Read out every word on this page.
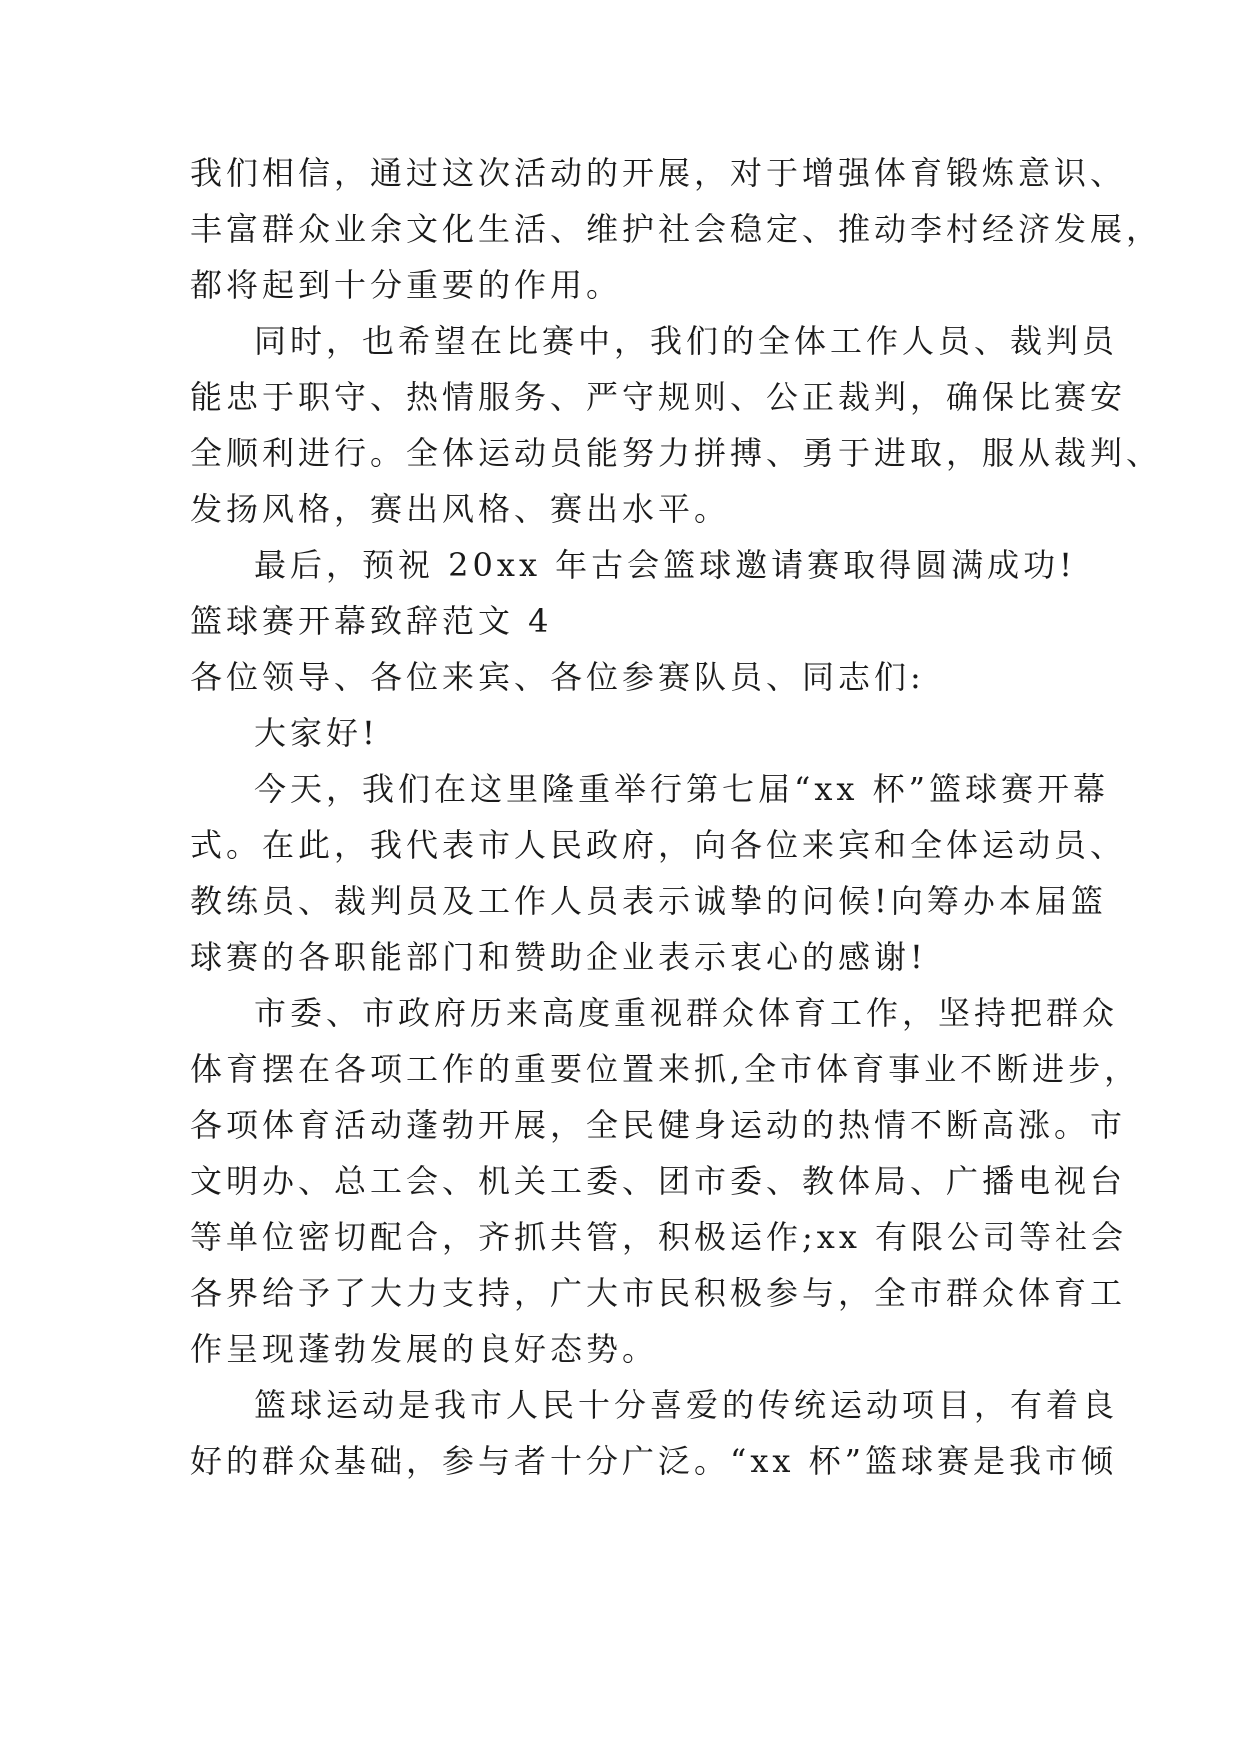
我们相信，通过这次活动的开展，对于增强体育锻炼意识、
丰富群众业余文化生活、维护社会稳定、推动李村经济发展，
都将起到十分重要的作用。
同时，也希望在比赛中，我们的全体工作人员、裁判员
能忠于职守、热情服务、严守规则、公正裁判，确保比赛安
全顺利进行。全体运动员能努力拼搏、勇于进取，服从裁判、
发扬风格，赛出风格、赛出水平。
最后，预祝 20xx 年古会篮球邀请赛取得圆满成功!
篮球赛开幕致辞范文 4
各位领导、各位来宾、各位参赛队员、同志们:
大家好!
今天，我们在这里隆重举行第七届“xx 杯”篮球赛开幕
式。在此，我代表市人民政府，向各位来宾和全体运动员、
教练员、裁判员及工作人员表示诚挚的问候!向筹办本届篮
球赛的各职能部门和赞助企业表示衷心的感谢!
市委、市政府历来高度重视群众体育工作，坚持把群众
体育摆在各项工作的重要位置来抓,全市体育事业不断进步，
各项体育活动蓬勃开展，全民健身运动的热情不断高涨。市
文明办、总工会、机关工委、团市委、教体局、广播电视台
等单位密切配合，齐抓共管，积极运作;xx 有限公司等社会
各界给予了大力支持，广大市民积极参与，全市群众体育工
作呈现蓬勃发展的良好态势。
篮球运动是我市人民十分喜爱的传统运动项目，有着良
好的群众基础，参与者十分广泛。“xx 杯”篮球赛是我市倾
